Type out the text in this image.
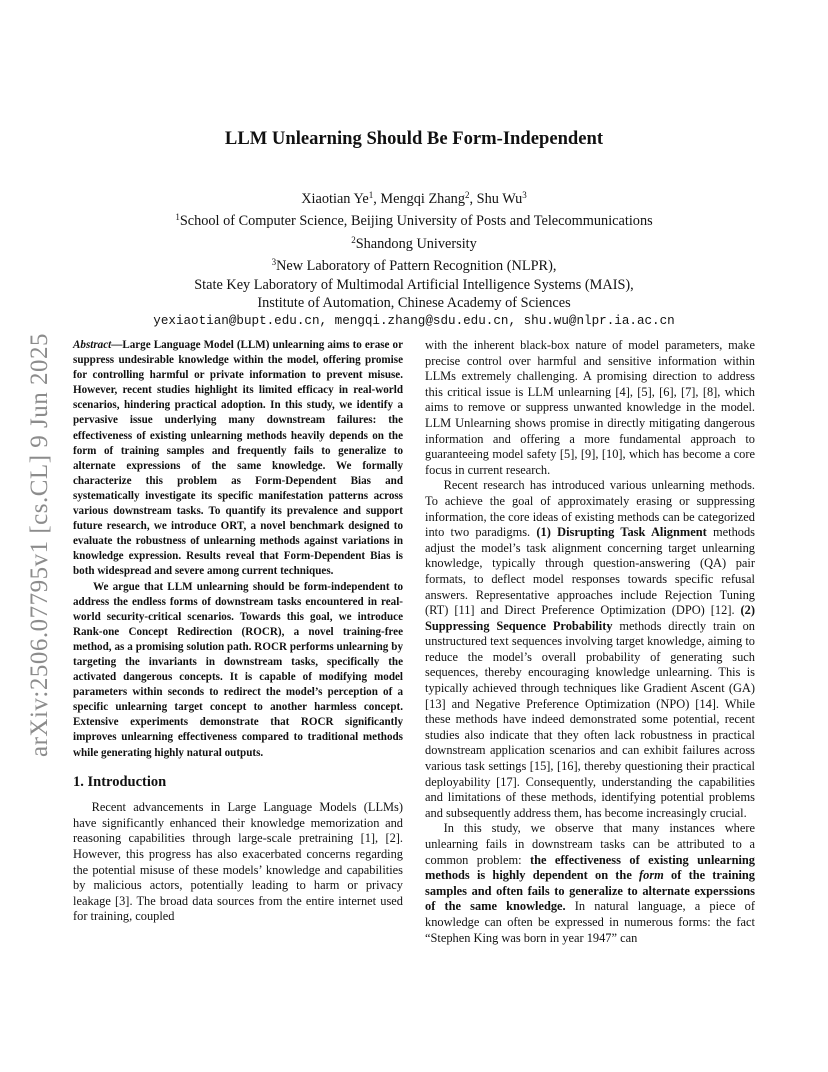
arXiv:2506.07795v1 [cs.CL] 9 Jun 2025
LLM Unlearning Should Be Form-Independent
Xiaotian Ye$^1$, Mengqi Zhang$^2$, Shu Wu$^3$
$^1$School of Computer Science, Beijing University of Posts and Telecommunications
$^2$Shandong University
$^3$New Laboratory of Pattern Recognition (NLPR),
State Key Laboratory of Multimodal Artificial Intelligence Systems (MAIS),
Institute of Automation, Chinese Academy of Sciences
yexiaotian@bupt.edu.cn, mengqi.zhang@sdu.edu.cn, shu.wu@nlpr.ia.ac.cn

Abstract—Large Language Model (LLM) unlearning aims to erase or suppress undesirable knowledge within the model, offering promise for controlling harmful or private information to prevent misuse. However, recent studies highlight its limited efficacy in real-world scenarios, hindering practical adoption. In this study, we identify a pervasive issue underlying many downstream failures: the effectiveness of existing unlearning methods heavily depends on the form of training samples and frequently fails to generalize to alternate expressions of the same knowledge. We formally characterize this problem as Form-Dependent Bias and systematically investigate its specific manifestation patterns across various downstream tasks. To quantify its prevalence and support future research, we introduce ORT, a novel benchmark designed to evaluate the robustness of unlearning methods against variations in knowledge expression. Results reveal that Form-Dependent Bias is both widespread and severe among current techniques.

We argue that LLM unlearning should be form-independent to address the endless forms of downstream tasks encountered in real-world security-critical scenarios. Towards this goal, we introduce Rank-one Concept Redirection (ROCR), a novel training-free method, as a promising solution path. ROCR performs unlearning by targeting the invariants in downstream tasks, specifically the activated dangerous concepts. It is capable of modifying model parameters within seconds to redirect the model’s perception of a specific unlearning target concept to another harmless concept. Extensive experiments demonstrate that ROCR significantly improves unlearning effectiveness compared to traditional methods while generating highly natural outputs.

1. Introduction

Recent advancements in Large Language Models (LLMs) have significantly enhanced their knowledge memorization and reasoning capabilities through large-scale pretraining [1], [2]. However, this progress has also exacerbated concerns regarding the potential misuse of these models’ knowledge and capabilities by malicious actors, potentially leading to harm or privacy leakage [3]. The broad data sources from the entire internet used for training, coupled

with the inherent black-box nature of model parameters, make precise control over harmful and sensitive information within LLMs extremely challenging. A promising direction to address this critical issue is LLM unlearning [4], [5], [6], [7], [8], which aims to remove or suppress unwanted knowledge in the model. LLM Unlearning shows promise in directly mitigating dangerous information and offering a more fundamental approach to guaranteeing model safety [5], [9], [10], which has become a core focus in current research.

Recent research has introduced various unlearning methods. To achieve the goal of approximately erasing or suppressing information, the core ideas of existing methods can be categorized into two paradigms. (1) Disrupting Task Alignment methods adjust the model’s task alignment concerning target unlearning knowledge, typically through question-answering (QA) pair formats, to deflect model responses towards specific refusal answers. Representative approaches include Rejection Tuning (RT) [11] and Direct Preference Optimization (DPO) [12]. (2) Suppressing Sequence Probability methods directly train on unstructured text sequences involving target knowledge, aiming to reduce the model’s overall probability of generating such sequences, thereby encouraging knowledge unlearning. This is typically achieved through techniques like Gradient Ascent (GA) [13] and Negative Preference Optimization (NPO) [14]. While these methods have indeed demonstrated some potential, recent studies also indicate that they often lack robustness in practical downstream application scenarios and can exhibit failures across various task settings [15], [16], thereby questioning their practical deployability [17]. Consequently, understanding the capabilities and limitations of these methods, identifying potential problems and subsequently address them, has become increasingly crucial.

In this study, we observe that many instances where unlearning fails in downstream tasks can be attributed to a common problem: the effectiveness of existing unlearning methods is highly dependent on the form of the training samples and often fails to generalize to alternate experssions of the same knowledge. In natural language, a piece of knowledge can often be expressed in numerous forms: the fact “Stephen King was born in year 1947” can
